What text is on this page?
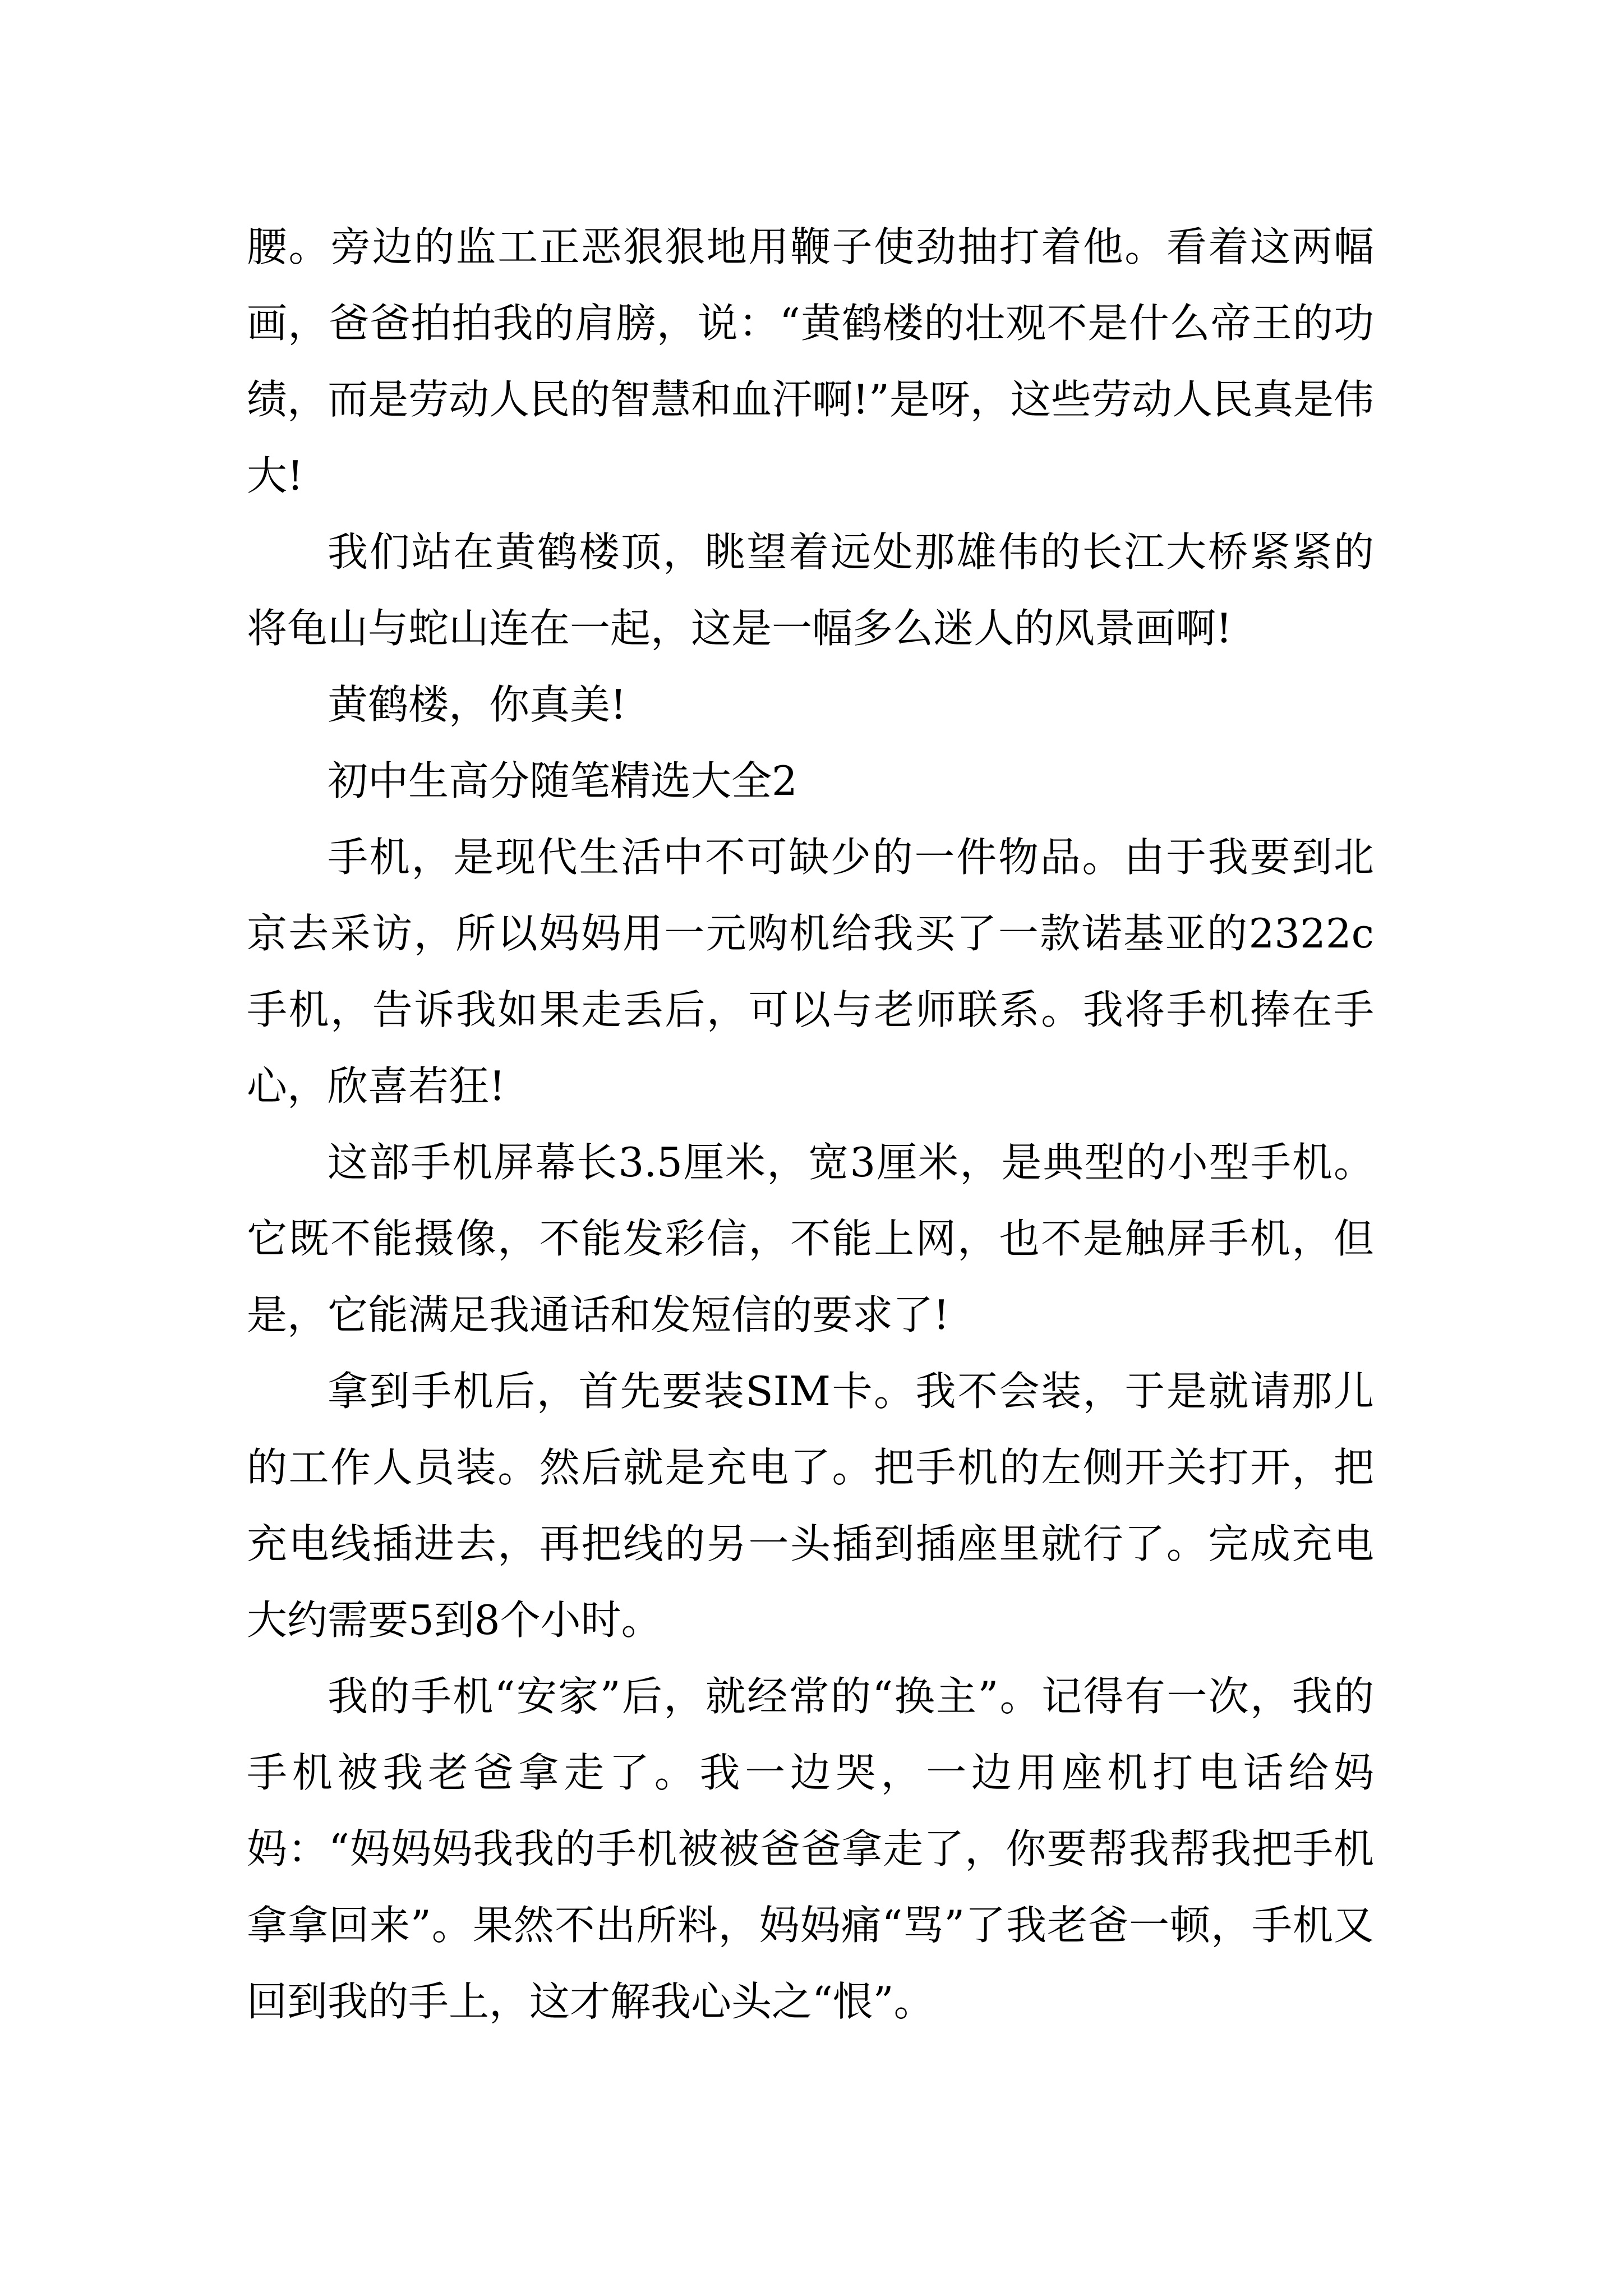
腰。旁边的监工正恶狠狠地用鞭子使劲抽打着他。看着这两幅画，爸爸拍拍我的肩膀，说：“黄鹤楼的壮观不是什么帝王的功绩，而是劳动人民的智慧和血汗啊!”是呀，这些劳动人民真是伟大!

我们站在黄鹤楼顶，眺望着远处那雄伟的长江大桥紧紧的将龟山与蛇山连在一起，这是一幅多么迷人的风景画啊!

黄鹤楼，你真美!

初中生高分随笔精选大全2

手机，是现代生活中不可缺少的一件物品。由于我要到北京去采访，所以妈妈用一元购机给我买了一款诺基亚的2322c手机，告诉我如果走丢后，可以与老师联系。我将手机捧在手心，欣喜若狂!

这部手机屏幕长3.5厘米，宽3厘米，是典型的小型手机。它既不能摄像，不能发彩信，不能上网，也不是触屏手机，但是，它能满足我通话和发短信的要求了!

拿到手机后，首先要装SIM卡。我不会装，于是就请那儿的工作人员装。然后就是充电了。把手机的左侧开关打开，把充电线插进去，再把线的另一头插到插座里就行了。完成充电大约需要5到8个小时。

我的手机“安家”后，就经常的“换主”。记得有一次，我的手机被我老爸拿走了。我一边哭，一边用座机打电话给妈妈：“妈妈妈我我的手机被被爸爸拿走了，你要帮我帮我把手机拿拿回来”。果然不出所料，妈妈痛“骂”了我老爸一顿，手机又回到我的手上，这才解我心头之“恨”。
